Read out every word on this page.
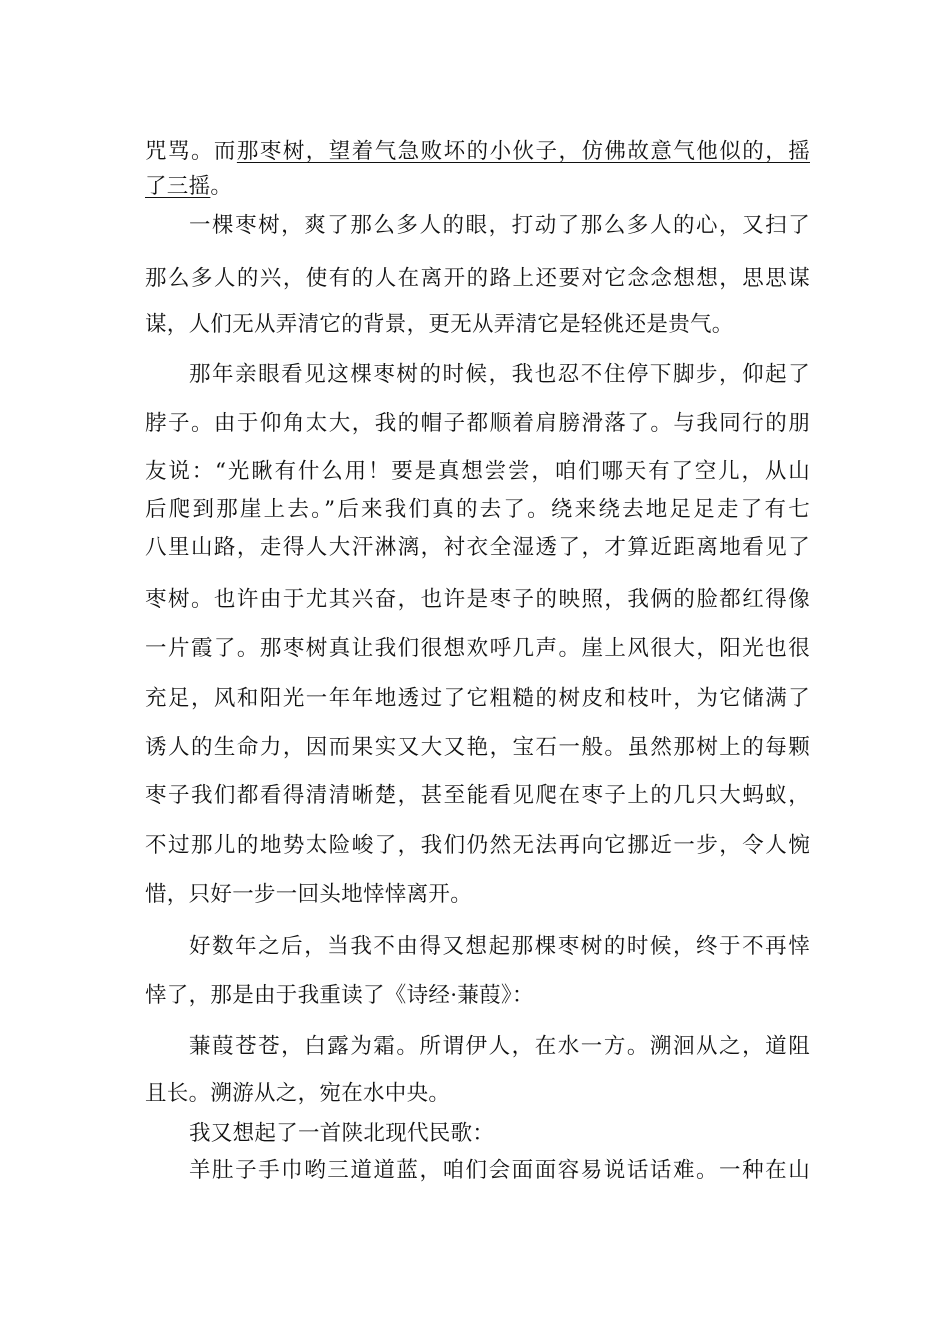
咒骂。而那枣树，望着气急败坏的小伙子，仿佛故意气他似的，摇
了三摇。
一棵枣树，爽了那么多人的眼，打动了那么多人的心，又扫了
那么多人的兴，使有的人在离开的路上还要对它念念想想，思思谋
谋，人们无从弄清它的背景，更无从弄清它是轻佻还是贵气。
那年亲眼看见这棵枣树的时候，我也忍不住停下脚步，仰起了
脖子。由于仰角太大，我的帽子都顺着肩膀滑落了。与我同行的朋
友说：“光瞅有什么用！要是真想尝尝，咱们哪天有了空儿，从山
后爬到那崖上去。”后来我们真的去了。绕来绕去地足足走了有七
八里山路，走得人大汗淋漓，衬衣全湿透了，才算近距离地看见了
枣树。也许由于尤其兴奋，也许是枣子的映照，我俩的脸都红得像
一片霞了。那枣树真让我们很想欢呼几声。崖上风很大，阳光也很
充足，风和阳光一年年地透过了它粗糙的树皮和枝叶，为它储满了
诱人的生命力，因而果实又大又艳，宝石一般。虽然那树上的每颗
枣子我们都看得清清晰楚，甚至能看见爬在枣子上的几只大蚂蚁，
不过那儿的地势太险峻了，我们仍然无法再向它挪近一步，令人惋
惜，只好一步一回头地悻悻离开。
好数年之后，当我不由得又想起那棵枣树的时候，终于不再悻
悻了，那是由于我重读了《诗经·蒹葭》：
蒹葭苍苍，白露为霜。所谓伊人，在水一方。溯洄从之，道阻
且长。溯游从之，宛在水中央。
我又想起了一首陕北现代民歌：
羊肚子手巾哟三道道蓝，咱们会面面容易说话话难。一种在山
